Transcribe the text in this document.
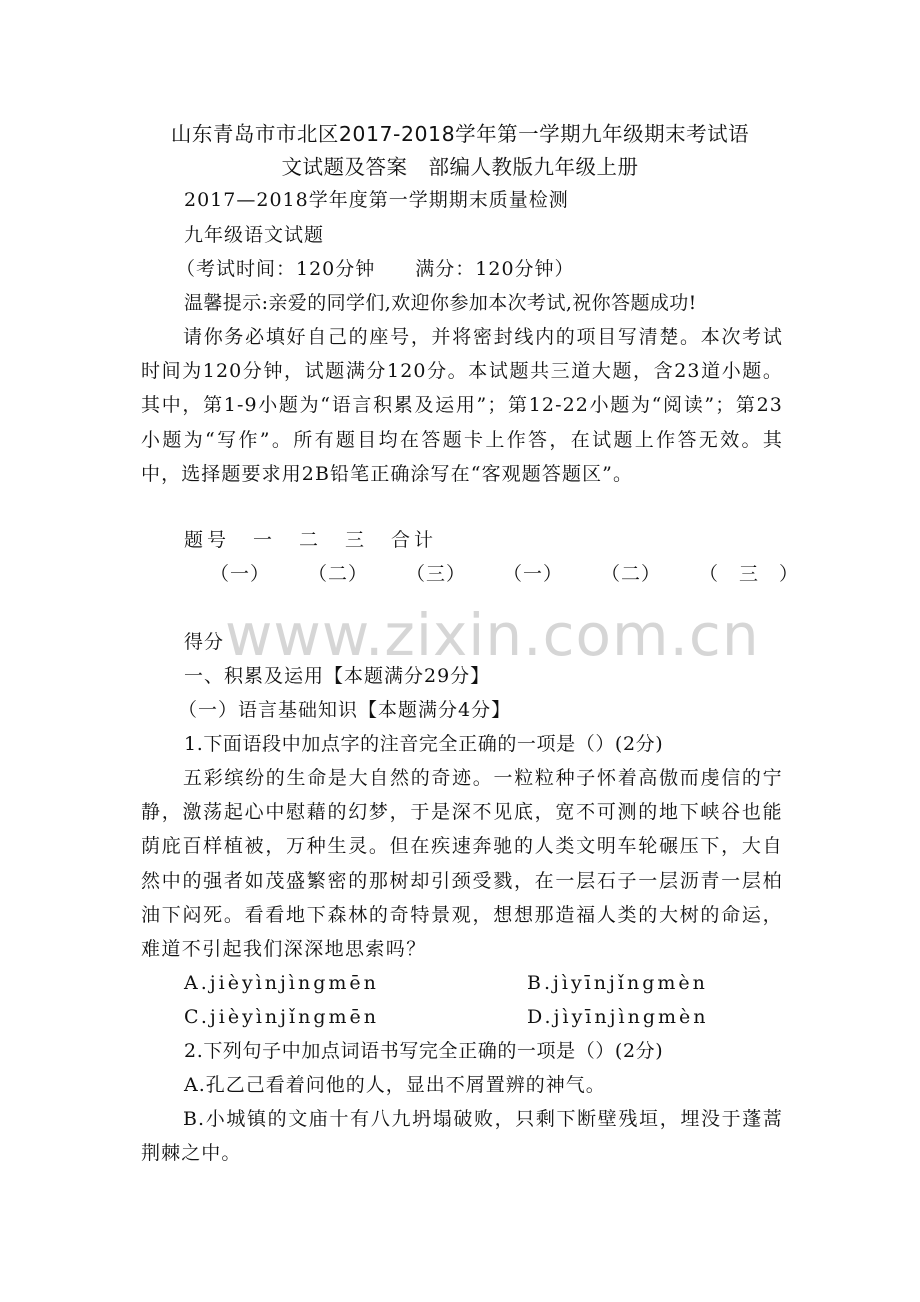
山东青岛市市北区2017-2018学年第一学期九年级期末考试语
文试题及答案　部编人教版九年级上册
2017—2018学年度第一学期期末质量检测
九年级语文试题
（考试时间：120分钟　　满分：120分钟）
温馨提示:亲爱的同学们,欢迎你参加本次考试,祝你答题成功!

请你务必填好自己的座号，并将密封线内的项目写清楚。本次考试时间为120分钟，试题满分120分。本试题共三道大题，含23道小题。其中，第1-9小题为“语言积累及运用”；第12-22小题为“阅读”；第23小题为“写作”。所有题目均在答题卡上作答，在试题上作答无效。其中，选择题要求用2B铅笔正确涂写在“客观题答题区”。

题号　一　二　三　合计
（一） （二） （三） （一） （二） （　三　）
得分 www.zixin.com.cn
一、积累及运用【本题满分29分】
（一）语言基础知识【本题满分4分】
1.下面语段中加点字的注音完全正确的一项是（）(2分)

五彩缤纷的生命是大自然的奇迹。一粒粒种子怀着高傲而虔信的宁静，激荡起心中慰藉的幻梦，于是深不见底，宽不可测的地下峡谷也能荫庇百样植被，万种生灵。但在疾速奔驰的人类文明车轮碾压下，大自然中的强者如茂盛繁密的那树却引颈受戮，在一层石子一层沥青一层柏油下闷死。看看地下森林的奇特景观，想想那造福人类的大树的命运，难道不引起我们深深地思索吗？

A.jièyìnjìngmēn	B.jìyīnjǐngmèn
C.jièyìnjǐngmēn	D.jìyīnjìngmèn
2.下列句子中加点词语书写完全正确的一项是（）(2分)
A.孔乙己看着问他的人，显出不屑置辨的神气。

B.小城镇的文庙十有八九坍塌破败，只剩下断壁残垣，埋没于蓬蒿荆棘之中。
